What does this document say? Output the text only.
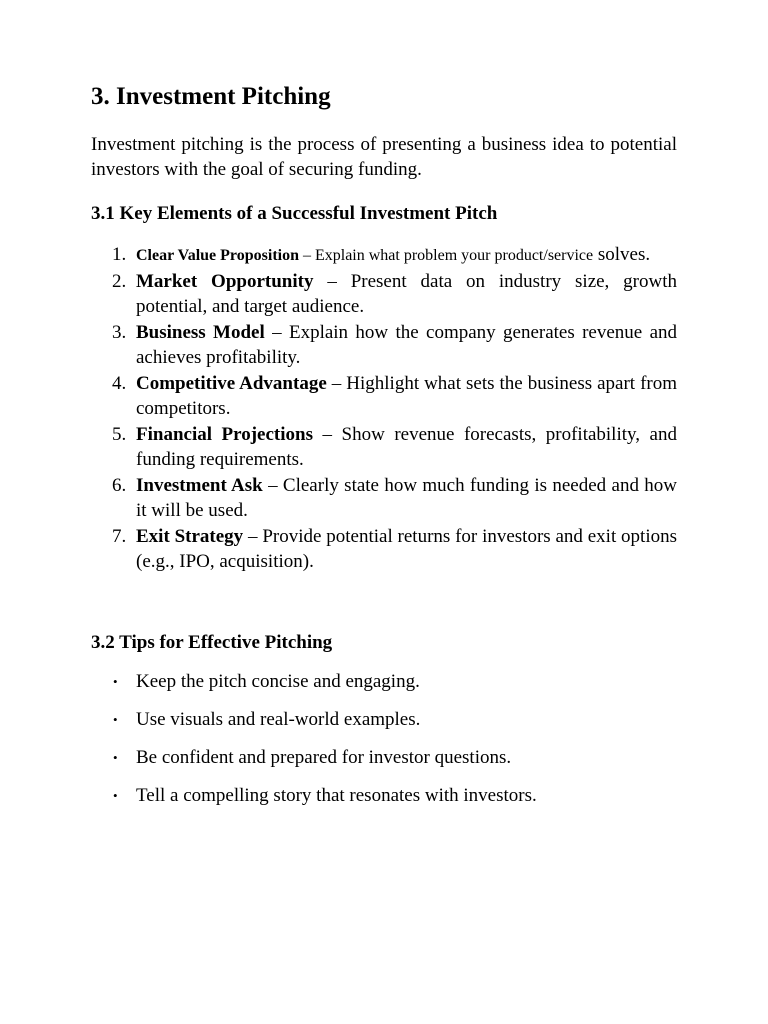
3. Investment Pitching

Investment pitching is the process of presenting a business idea to potential investors with the goal of securing funding.

3.1 Key Elements of a Successful Investment Pitch
1. Clear Value Proposition – Explain what problem your product/service solves.
2. Market Opportunity – Present data on industry size, growth potential, and target audience.
3. Business Model – Explain how the company generates revenue and achieves profitability.
4. Competitive Advantage – Highlight what sets the business apart from competitors.
5. Financial Projections – Show revenue forecasts, profitability, and funding requirements.
6. Investment Ask – Clearly state how much funding is needed and how it will be used.
7. Exit Strategy – Provide potential returns for investors and exit options (e.g., IPO, acquisition).
3.2 Tips for Effective Pitching
• Keep the pitch concise and engaging.
• Use visuals and real-world examples.
• Be confident and prepared for investor questions.
• Tell a compelling story that resonates with investors.
